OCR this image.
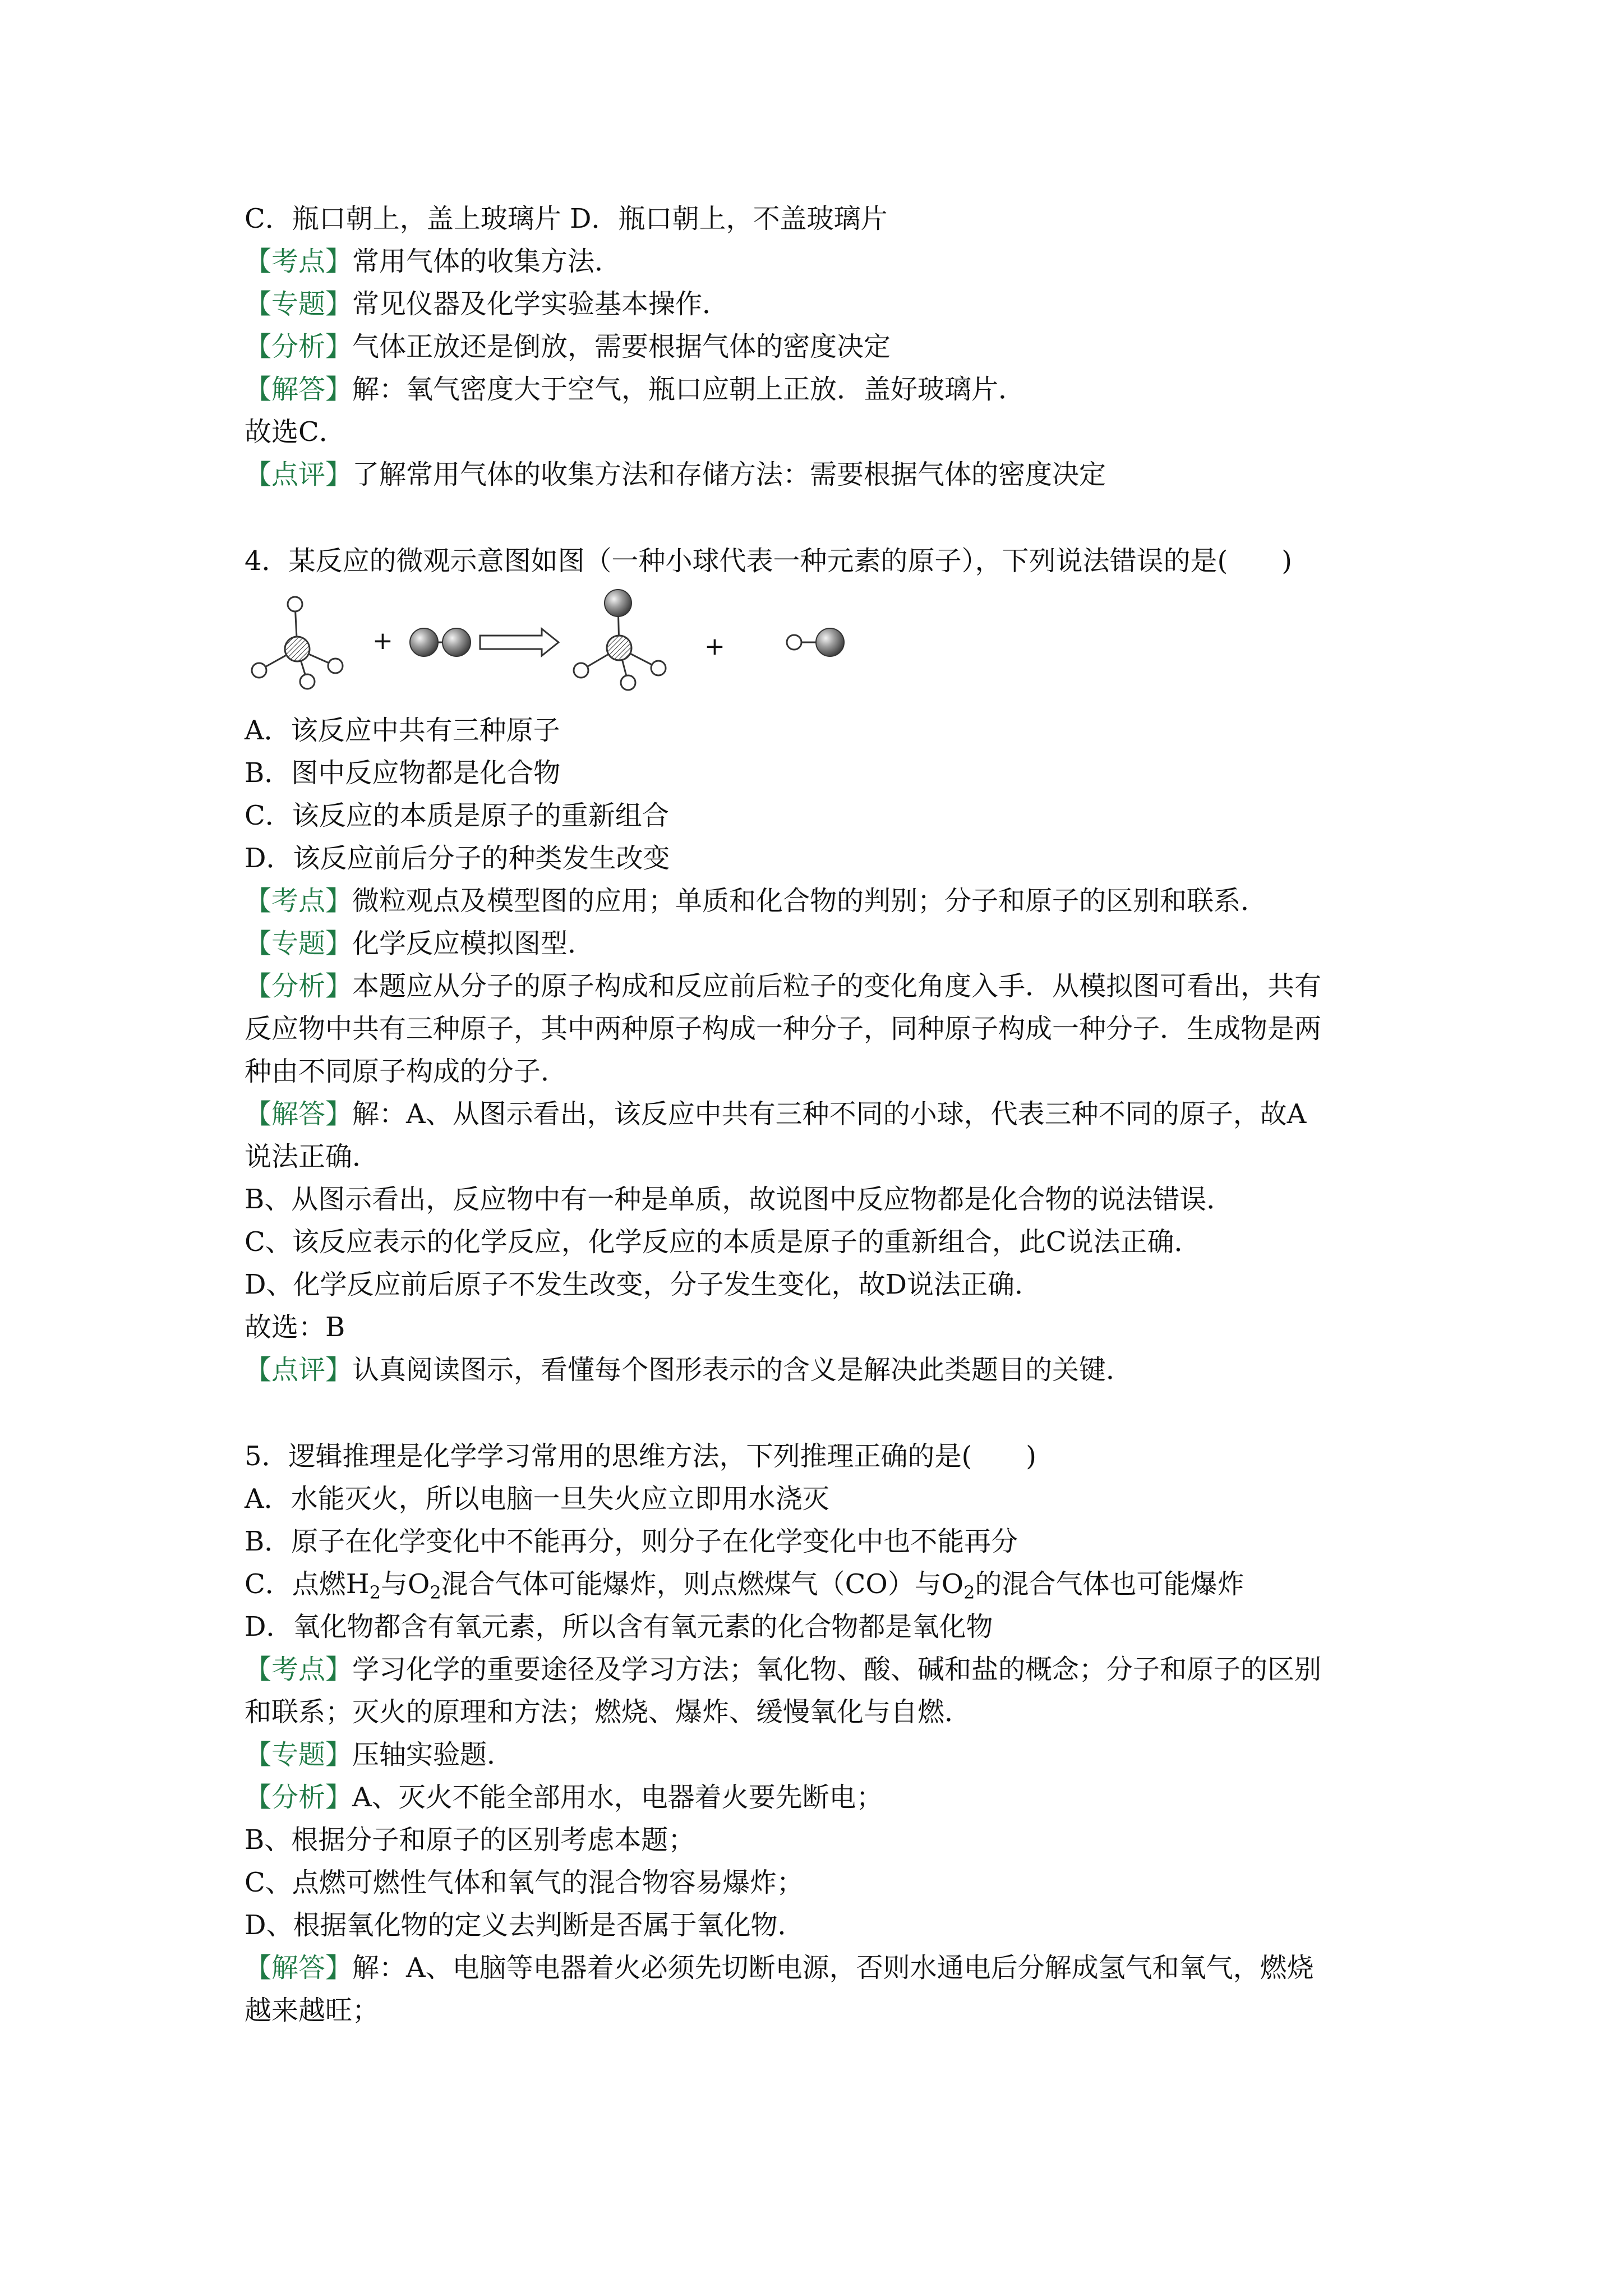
C．瓶口朝上，盖上玻璃片 D．瓶口朝上，不盖玻璃片
【考点】常用气体的收集方法．
【专题】常见仪器及化学实验基本操作．
【分析】气体正放还是倒放，需要根据气体的密度决定
【解答】解：氧气密度大于空气，瓶口应朝上正放．盖好玻璃片．
故选C．
【点评】了解常用气体的收集方法和存储方法：需要根据气体的密度决定
4．某反应的微观示意图如图（一种小球代表一种元素的原子），下列说法错误的是(　　)
+	+
A．该反应中共有三种原子
B．图中反应物都是化合物
C．该反应的本质是原子的重新组合
D．该反应前后分子的种类发生改变
【考点】微粒观点及模型图的应用；单质和化合物的判别；分子和原子的区别和联系．
【专题】化学反应模拟图型．
【分析】本题应从分子的原子构成和反应前后粒子的变化角度入手．从模拟图可看出，共有
反应物中共有三种原子，其中两种原子构成一种分子，同种原子构成一种分子．生成物是两
种由不同原子构成的分子．
【解答】解：A、从图示看出，该反应中共有三种不同的小球，代表三种不同的原子，故A
说法正确．
B、从图示看出，反应物中有一种是单质，故说图中反应物都是化合物的说法错误．
C、该反应表示的化学反应，化学反应的本质是原子的重新组合，此C说法正确．
D、化学反应前后原子不发生改变，分子发生变化，故D说法正确．
故选：B
【点评】认真阅读图示，看懂每个图形表示的含义是解决此类题目的关键．
5．逻辑推理是化学学习常用的思维方法，下列推理正确的是(　　)
A．水能灭火，所以电脑一旦失火应立即用水浇灭
B．原子在化学变化中不能再分，则分子在化学变化中也不能再分
C．点燃$H_2$与$O_2$混合气体可能爆炸，则点燃煤气（CO）与$O_2$的混合气体也可能爆炸
D．氧化物都含有氧元素，所以含有氧元素的化合物都是氧化物
【考点】学习化学的重要途径及学习方法；氧化物、酸、碱和盐的概念；分子和原子的区别
和联系；灭火的原理和方法；燃烧、爆炸、缓慢氧化与自燃．
【专题】压轴实验题．
【分析】A、灭火不能全部用水，电器着火要先断电；
B、根据分子和原子的区别考虑本题；
C、点燃可燃性气体和氧气的混合物容易爆炸；
D、根据氧化物的定义去判断是否属于氧化物．
【解答】解：A、电脑等电器着火必须先切断电源，否则水通电后分解成氢气和氧气，燃烧
越来越旺；
